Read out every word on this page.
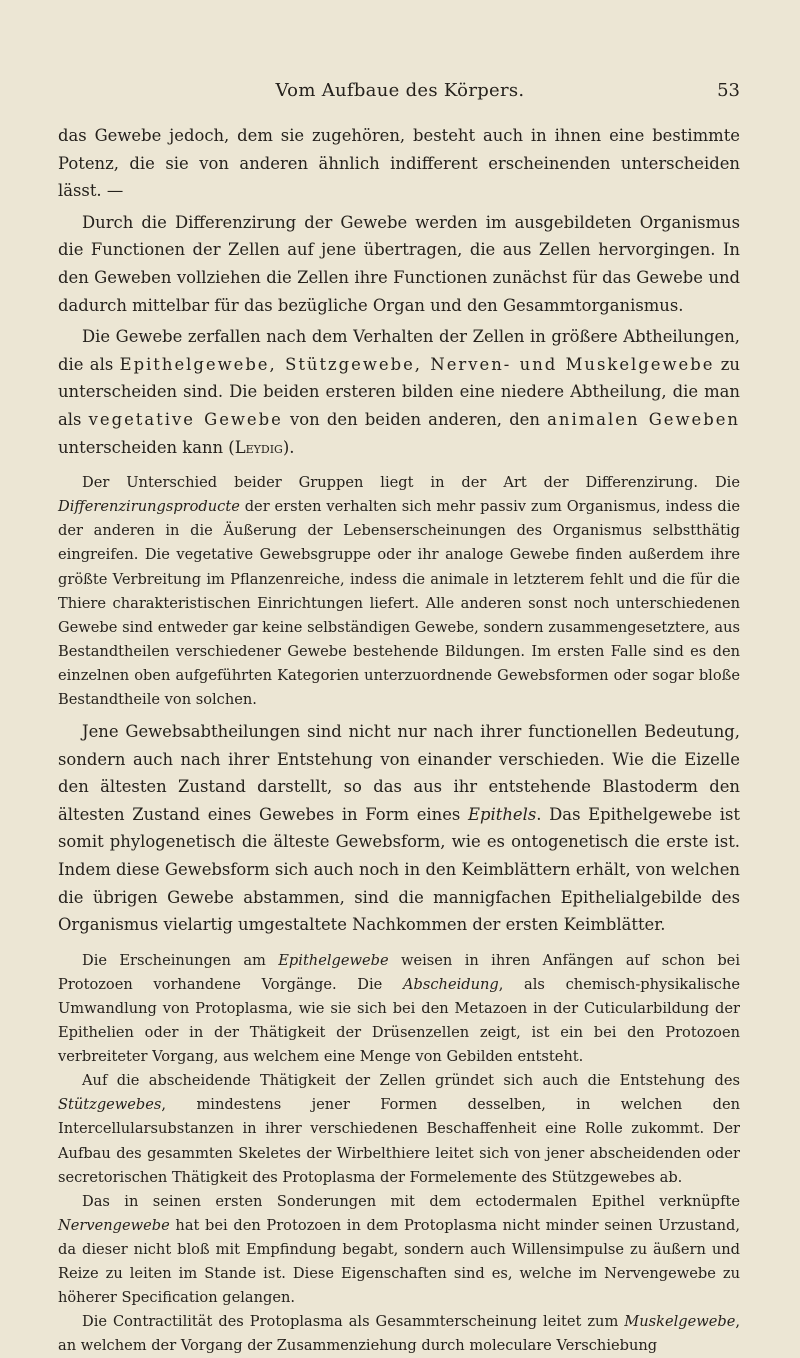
Vom Aufbaue des Körpers.	53

das Gewebe jedoch, dem sie zugehören, besteht auch in ihnen eine bestimmte Potenz, die sie von anderen ähnlich indifferent erscheinenden unterscheiden lässt. —

Durch die Differenzirung der Gewebe werden im ausgebildeten Organismus die Functionen der Zellen auf jene übertragen, die aus Zellen hervorgingen. In den Geweben vollziehen die Zellen ihre Functionen zunächst für das Gewebe und dadurch mittelbar für das bezügliche Organ und den Gesammtorganismus.

Die Gewebe zerfallen nach dem Verhalten der Zellen in größere Abtheilungen, die als Epithelgewebe, Stützgewebe, Nerven- und Muskelgewebe zu unterscheiden sind. Die beiden ersteren bilden eine niedere Abtheilung, die man als vegetative Gewebe von den beiden anderen, den animalen Geweben unterscheiden kann (Leydig).

Der Unterschied beider Gruppen liegt in der Art der Differenzirung. Die Differenzirungsproducte der ersten verhalten sich mehr passiv zum Organismus, indess die der anderen in die Äußerung der Lebenserscheinungen des Organismus selbstthätig eingreifen. Die vegetative Gewebsgruppe oder ihr analoge Gewebe finden außerdem ihre größte Verbreitung im Pflanzenreiche, indess die animale in letzterem fehlt und die für die Thiere charakteristischen Einrichtungen liefert. Alle anderen sonst noch unterschiedenen Gewebe sind entweder gar keine selbständigen Gewebe, sondern zusammengesetztere, aus Bestandtheilen verschiedener Gewebe bestehende Bildungen. Im ersten Falle sind es den einzelnen oben aufgeführten Kategorien unterzuordnende Gewebsformen oder sogar bloße Bestandtheile von solchen.

Jene Gewebsabtheilungen sind nicht nur nach ihrer functionellen Bedeutung, sondern auch nach ihrer Entstehung von einander verschieden. Wie die Eizelle den ältesten Zustand darstellt, so das aus ihr entstehende Blastoderm den ältesten Zustand eines Gewebes in Form eines Epithels. Das Epithelgewebe ist somit phylogenetisch die älteste Gewebsform, wie es ontogenetisch die erste ist. Indem diese Gewebsform sich auch noch in den Keimblättern erhält, von welchen die übrigen Gewebe abstammen, sind die mannigfachen Epithelialgebilde des Organismus vielartig umgestaltete Nachkommen der ersten Keimblätter.

Die Erscheinungen am Epithelgewebe weisen in ihren Anfängen auf schon bei Protozoen vorhandene Vorgänge. Die Abscheidung, als chemisch-physikalische Umwandlung von Protoplasma, wie sie sich bei den Metazoen in der Cuticularbildung der Epithelien oder in der Thätigkeit der Drüsenzellen zeigt, ist ein bei den Protozoen verbreiteter Vorgang, aus welchem eine Menge von Gebilden entsteht.

Auf die abscheidende Thätigkeit der Zellen gründet sich auch die Entstehung des Stützgewebes, mindestens jener Formen desselben, in welchen den Intercellularsubstanzen in ihrer verschiedenen Beschaffenheit eine Rolle zukommt. Der Aufbau des gesammten Skeletes der Wirbelthiere leitet sich von jener abscheidenden oder secretorischen Thätigkeit des Protoplasma der Formelemente des Stützgewebes ab.

Das in seinen ersten Sonderungen mit dem ectodermalen Epithel verknüpfte Nervengewebe hat bei den Protozoen in dem Protoplasma nicht minder seinen Urzustand, da dieser nicht bloß mit Empfindung begabt, sondern auch Willensimpulse zu äußern und Reize zu leiten im Stande ist. Diese Eigenschaften sind es, welche im Nervengewebe zu höherer Specification gelangen.

Die Contractilität des Protoplasma als Gesammterscheinung leitet zum Muskelgewebe, an welchem der Vorgang der Zusammenziehung durch moleculare Verschiebung
